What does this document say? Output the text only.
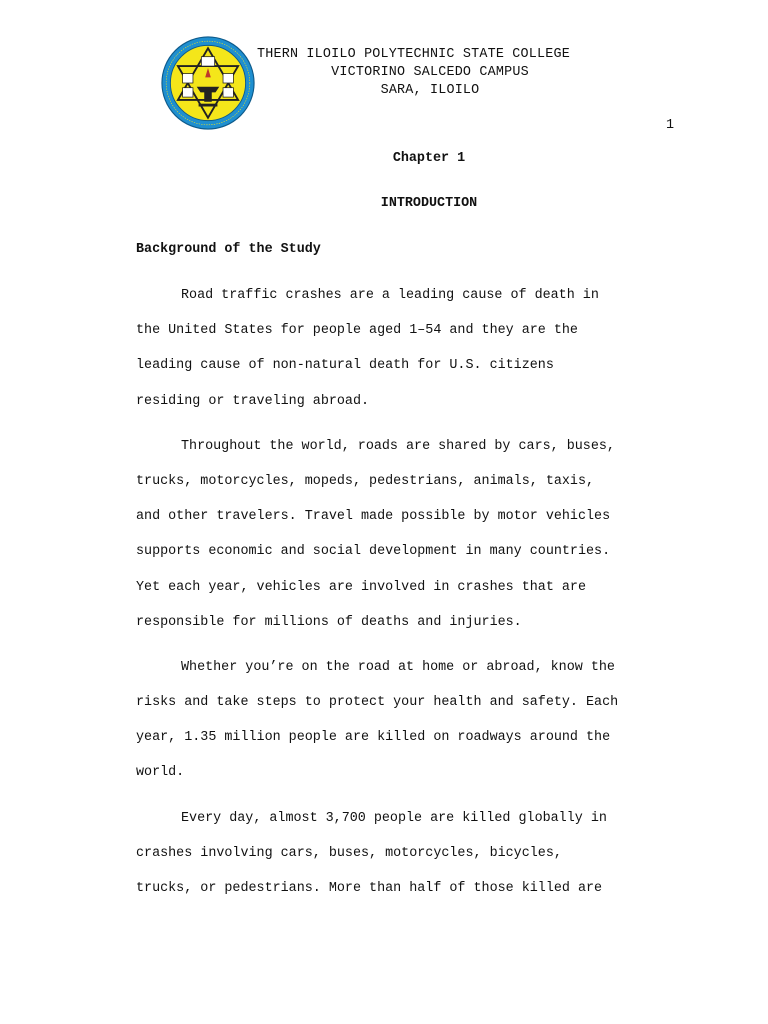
THERN ILOILO POLYTECHNIC STATE COLLEGE
VICTORINO SALCEDO CAMPUS
SARA, ILOILO
1
Chapter 1
INTRODUCTION
Background of the Study
Road traffic crashes are a leading cause of death in
the United States for people aged 1–54 and they are the
leading cause of non-natural death for U.S. citizens
residing or traveling abroad.
Throughout the world, roads are shared by cars, buses,
trucks, motorcycles, mopeds, pedestrians, animals, taxis,
and other travelers. Travel made possible by motor vehicles
supports economic and social development in many countries.
Yet each year, vehicles are involved in crashes that are
responsible for millions of deaths and injuries.
Whether you’re on the road at home or abroad, know the
risks and take steps to protect your health and safety. Each
year, 1.35 million people are killed on roadways around the
world.
Every day, almost 3,700 people are killed globally in
crashes involving cars, buses, motorcycles, bicycles,
trucks, or pedestrians. More than half of those killed are
